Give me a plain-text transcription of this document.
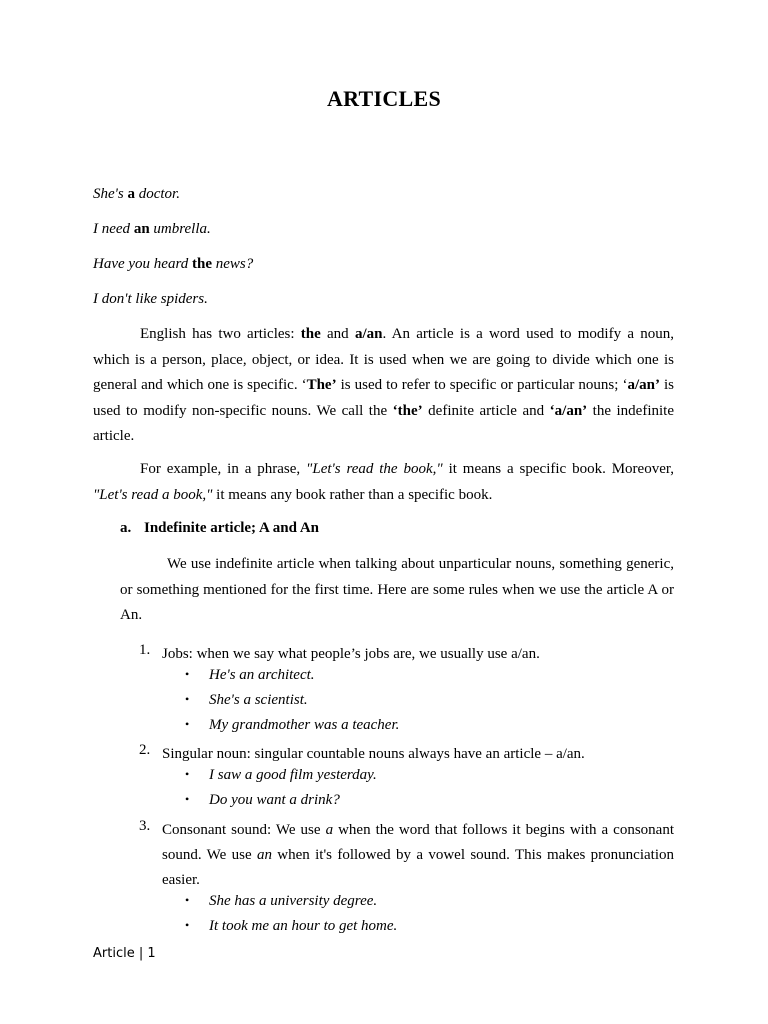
ARTICLES
She's a doctor.
I need an umbrella.
Have you heard the news?
I don't like spiders.

English has two articles: the and a/an. An article is a word used to modify a noun, which is a person, place, object, or idea. It is used when we are going to divide which one is general and which one is specific. ‘The’ is used to refer to specific or particular nouns; ‘a/an’ is used to modify non-specific nouns. We call the ‘the’ definite article and ‘a/an’ the indefinite article.

For example, in a phrase, "Let's read the book," it means a specific book. Moreover, "Let's read a book," it means any book rather than a specific book.

a. Indefinite article; A and An

We use indefinite article when talking about unparticular nouns, something generic, or something mentioned for the first time. Here are some rules when we use the article A or An.

1. Jobs: when we say what people’s jobs are, we usually use a/an.
• He's an architect.
• She's a scientist.
• My grandmother was a teacher.
2. Singular noun: singular countable nouns always have an article – a/an.
• I saw a good film yesterday.
• Do you want a drink?
3. Consonant sound: We use a when the word that follows it begins with a consonant sound. We use an when it's followed by a vowel sound. This makes pronunciation easier.

• She has a university degree.
• It took me an hour to get home.
Article | 1
